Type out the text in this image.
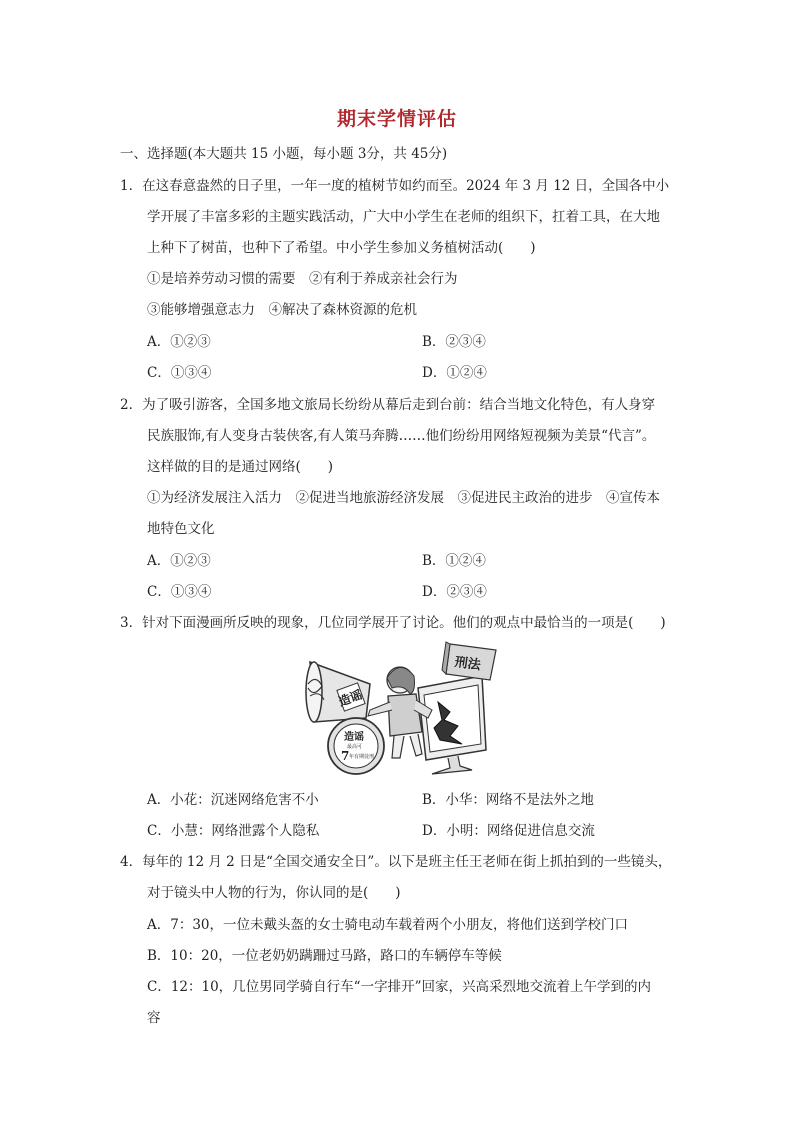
期末学情评估
一、选择题(本大题共 15 小题，每小题 3分，共 45分)
1．在这春意盎然的日子里，一年一度的植树节如约而至。2024 年 3 月 12 日，全国各中小
学开展了丰富多彩的主题实践活动，广大中小学生在老师的组织下，扛着工具，在大地
上种下了树苗，也种下了希望。中小学生参加义务植树活动(　　)
①是培养劳动习惯的需要　②有利于养成亲社会行为
③能够增强意志力　④解决了森林资源的危机
A．①②③	B．②③④
C．①③④	D．①②④
2．为了吸引游客，全国多地文旅局长纷纷从幕后走到台前：结合当地文化特色，有人身穿
民族服饰,有人变身古装侠客,有人策马奔腾……他们纷纷用网络短视频为美景“代言”。
这样做的目的是通过网络(　　)
①为经济发展注入活力　②促进当地旅游经济发展　③促进民主政治的进步　④宣传本
地特色文化
A．①②③	B．①②④
C．①③④	D．②③④
3．针对下面漫画所反映的现象，几位同学展开了讨论。他们的观点中最恰当的一项是(　　)
刑法
造谣
造谣
最高可
7 年有期徒刑
A．小花：沉迷网络危害不小	B．小华：网络不是法外之地
C．小慧：网络泄露个人隐私	D．小明：网络促进信息交流
4．每年的 12 月 2 日是“全国交通安全日”。以下是班主任王老师在街上抓拍到的一些镜头，
对于镜头中人物的行为，你认同的是(　　)
A．7：30，一位未戴头盔的女士骑电动车载着两个小朋友，将他们送到学校门口
B．10：20，一位老奶奶蹒跚过马路，路口的车辆停车等候
C．12：10，几位男同学骑自行车“一字排开”回家，兴高采烈地交流着上午学到的内
容
